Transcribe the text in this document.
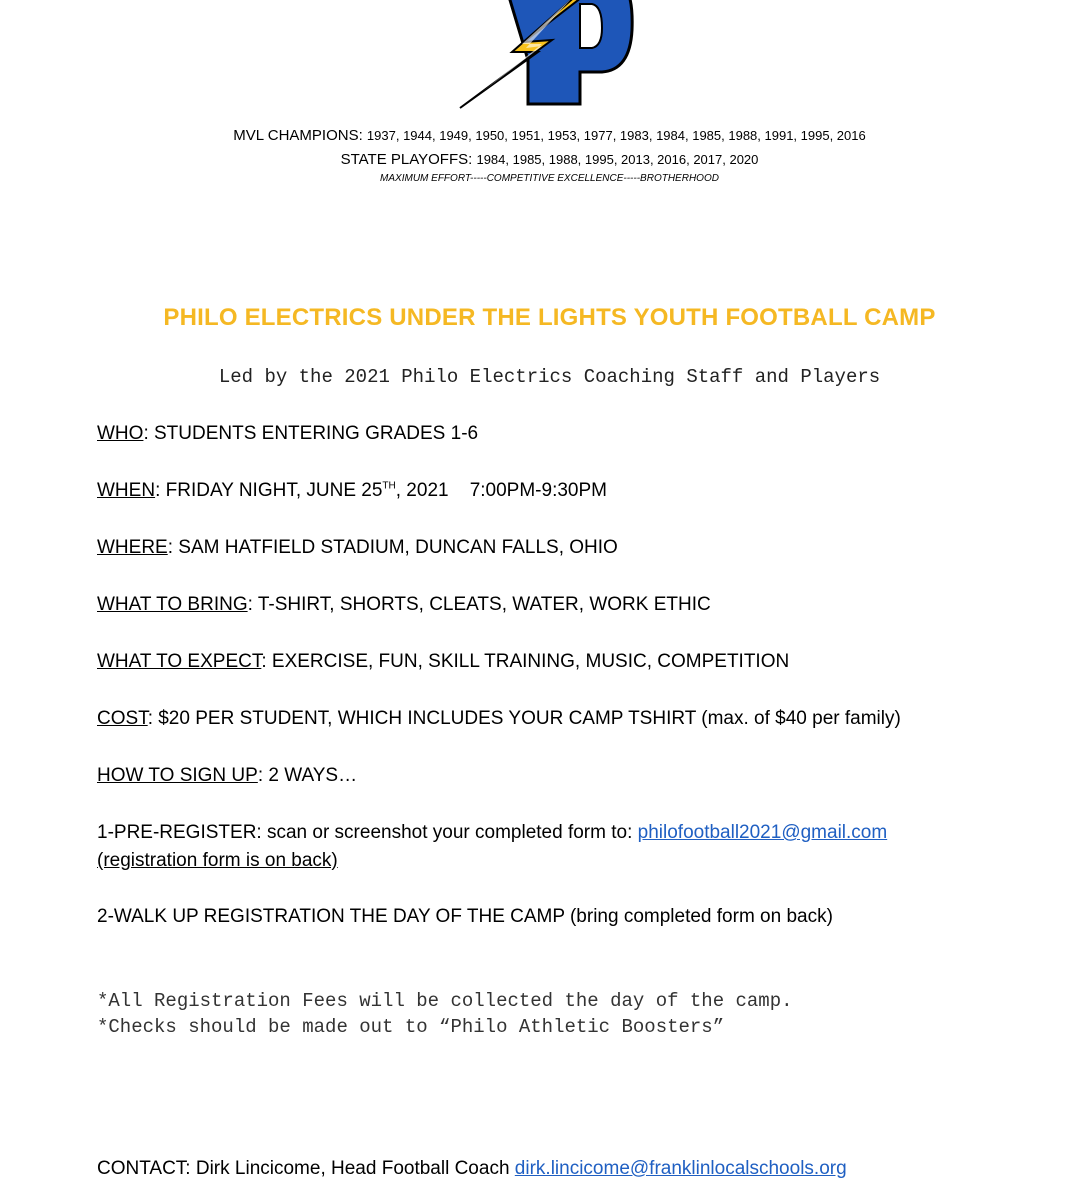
MVL CHAMPIONS: 1937, 1944, 1949, 1950, 1951, 1953, 1977, 1983, 1984, 1985, 1988, 1991, 1995, 2016
STATE PLAYOFFS: 1984, 1985, 1988, 1995, 2013, 2016, 2017, 2020
MAXIMUM EFFORT-----COMPETITIVE EXCELLENCE-----BROTHERHOOD
PHILO ELECTRICS UNDER THE LIGHTS YOUTH FOOTBALL CAMP
Led by the 2021 Philo Electrics Coaching Staff and Players
WHO: STUDENTS ENTERING GRADES 1-6
WHEN: FRIDAY NIGHT, JUNE 25TH, 2021    7:00PM-9:30PM
WHERE: SAM HATFIELD STADIUM, DUNCAN FALLS, OHIO
WHAT TO BRING: T-SHIRT, SHORTS, CLEATS, WATER, WORK ETHIC
WHAT TO EXPECT: EXERCISE, FUN, SKILL TRAINING, MUSIC, COMPETITION
COST: $20 PER STUDENT, WHICH INCLUDES YOUR CAMP TSHIRT (max. of $40 per family)
HOW TO SIGN UP: 2 WAYS…
1-PRE-REGISTER: scan or screenshot your completed form to: philofootball2021@gmail.com
(registration form is on back)
2-WALK UP REGISTRATION THE DAY OF THE CAMP (bring completed form on back)
*All Registration Fees will be collected the day of the camp.
*Checks should be made out to “Philo Athletic Boosters”
CONTACT: Dirk Lincicome, Head Football Coach dirk.lincicome@franklinlocalschools.org
